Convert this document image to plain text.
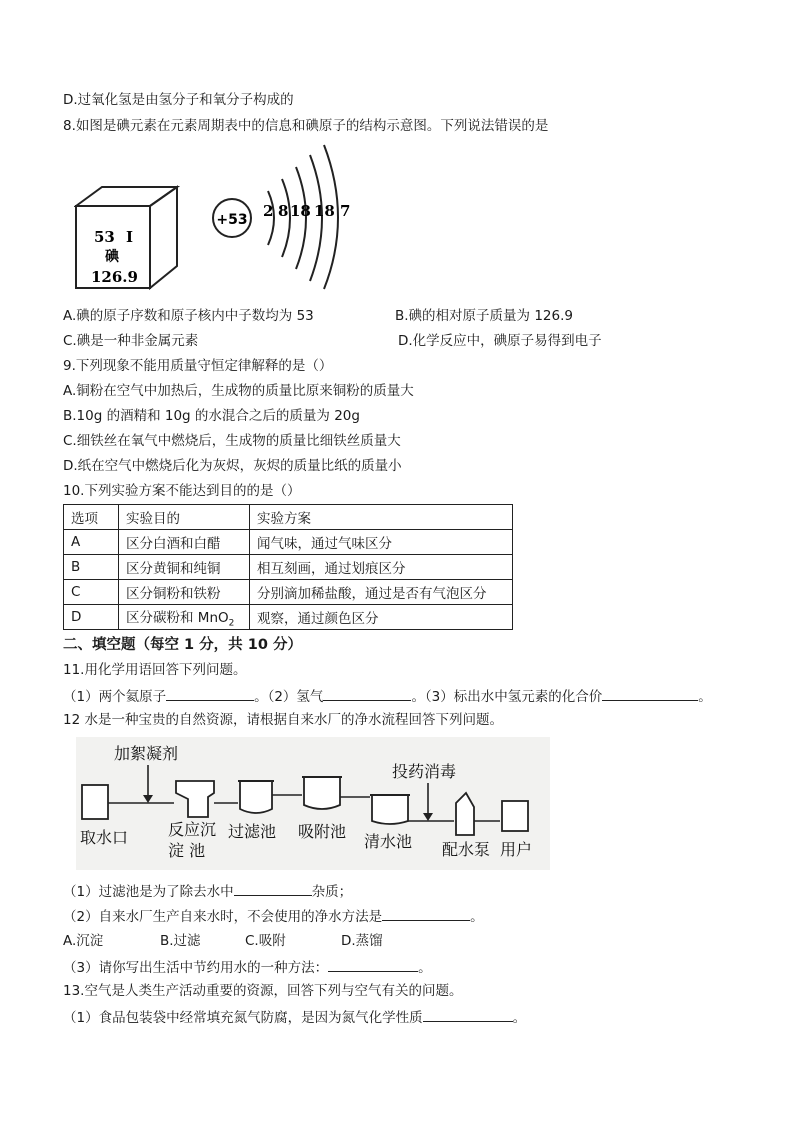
D.过氧化氢是由氢分子和氧分子构成的
8.如图是碘元素在元素周期表中的信息和碘原子的结构示意图。下列说法错误的是
53 I
碘
126.9
+53 2 8 18 18 7
A.碘的原子序数和原子核内中子数均为 53	B.碘的相对原子质量为 126.9
C.碘是一种非金属元素	D.化学反应中，碘原子易得到电子
9.下列现象不能用质量守恒定律解释的是（）
A.铜粉在空气中加热后，生成物的质量比原来铜粉的质量大
B.10g 的酒精和 10g 的水混合之后的质量为 20g
C.细铁丝在氧气中燃烧后，生成物的质量比细铁丝质量大
D.纸在空气中燃烧后化为灰烬，灰烬的质量比纸的质量小
10.下列实验方案不能达到目的的是（）
选项	实验目的	实验方案
A	区分白酒和白醋	闻气味，通过气味区分
B	区分黄铜和纯铜	相互刻画，通过划痕区分
C	区分铜粉和铁粉	分别滴加稀盐酸，通过是否有气泡区分
D	区分碳粉和 MnO$_2$	观察，通过颜色区分
二、填空题（每空 1 分，共 10 分）
11.用化学用语回答下列问题。
（1）两个氦原子	。（2）氢气	。（3）标出水中氢元素的化合价	。
12 水是一种宝贵的自然资源，请根据自来水厂的净水流程回答下列问题。
加絮凝剂
取水口 反应沉
淀 池
过滤池 吸附池
清水池
投药消毒
配水泵 用户
（1）过滤池是为了除去水中	杂质；
（2）自来水厂生产自来水时，不会使用的净水方法是	。
A.沉淀	B.过滤	C.吸附	D.蒸馏
（3）请你写出生活中节约用水的一种方法：	。
13.空气是人类生产活动重要的资源，回答下列与空气有关的问题。
（1）食品包装袋中经常填充氮气防腐，是因为氮气化学性质	。
